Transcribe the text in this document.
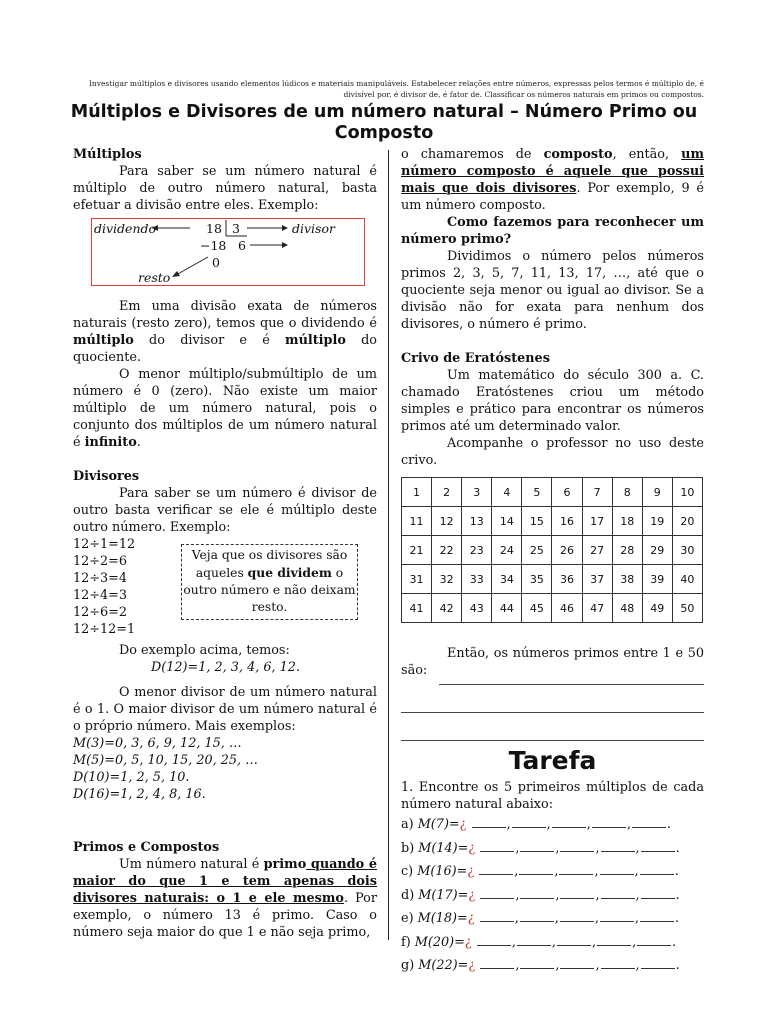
Investigar múltiplos e divisores usando elementos lúdicos e materiais manipuláveis. Estabelecer relações entre números, expressas pelos termos é múltiplo de, é divisível por, é divisor de, é fator de. Classificar os números naturais em primos ou compostos.
Múltiplos e Divisores de um número natural – Número Primo ou Composto

Múltiplos

Para saber se um número natural é múltiplo de outro número natural, basta efetuar a divisão entre eles. Exemplo:

dividendo	18 3	divisor
−18 6
0
resto

Em uma divisão exata de números naturais (resto zero), temos que o dividendo é múltiplo do divisor e é múltiplo do quociente.

O menor múltiplo/submúltiplo de um número é 0 (zero). Não existe um maior múltiplo de um número natural, pois o conjunto dos múltiplos de um número natural é infinito.

Divisores

Para saber se um número é divisor de outro basta verificar se ele é múltiplo deste outro número. Exemplo:

12÷1=12
12÷2=6
12÷3=4
12÷4=3
12÷6=2
12÷12=1
Veja que os divisores são aqueles que dividem o outro número e não deixam resto.

Do exemplo acima, temos:

D(12)=1, 2, 3, 4, 6, 12.

O menor divisor de um número natural é o 1. O maior divisor de um número natural é o próprio número. Mais exemplos:

M(3)=0, 3, 6, 9, 12, 15, …
M(5)=0, 5, 10, 15, 20, 25, …
D(10)=1, 2, 5, 10.
D(16)=1, 2, 4, 8, 16.

Primos e Compostos

Um número natural é primo quando é maior do que 1 e tem apenas dois divisores naturais: o 1 e ele mesmo. Por exemplo, o número 13 é primo. Caso o número seja maior do que 1 e não seja primo,

o chamaremos de composto, então, um número composto é aquele que possui mais que dois divisores. Por exemplo, 9 é um número composto.

Como fazemos para reconhecer um número primo?

Dividimos o número pelos números primos 2, 3, 5, 7, 11, 13, 17, …, até que o quociente seja menor ou igual ao divisor. Se a divisão não for exata para nenhum dos divisores, o número é primo.

Crivo de Eratóstenes

Um matemático do século 300 a. C. chamado Eratóstenes criou um método simples e prático para encontrar os números primos até um determinado valor.

Acompanhe o professor no uso deste crivo.

1	2	3	4	5	6	7	8	9	10
11	12	13	14	15	16	17	18	19	20
21	22	23	24	25	26	27	28	29	30
31	32	33	34	35	36	37	38	39	40
41	42	43	44	45	46	47	48	49	50

Então, os números primos entre 1 e 50 são:

Tarefa

1. Encontre os 5 primeiros múltiplos de cada número natural abaixo:

a) M(7)=¿	,	,	,	,	.
b) M(14)=¿	,	,	,	,	.
c) M(16)=¿	,	,	,	,	.
d) M(17)=¿	,	,	,	,	.
e) M(18)=¿	,	,	,	,	.
f) M(20)=¿	,	,	,	,	.
g) M(22)=¿	,	,	,	,	.
